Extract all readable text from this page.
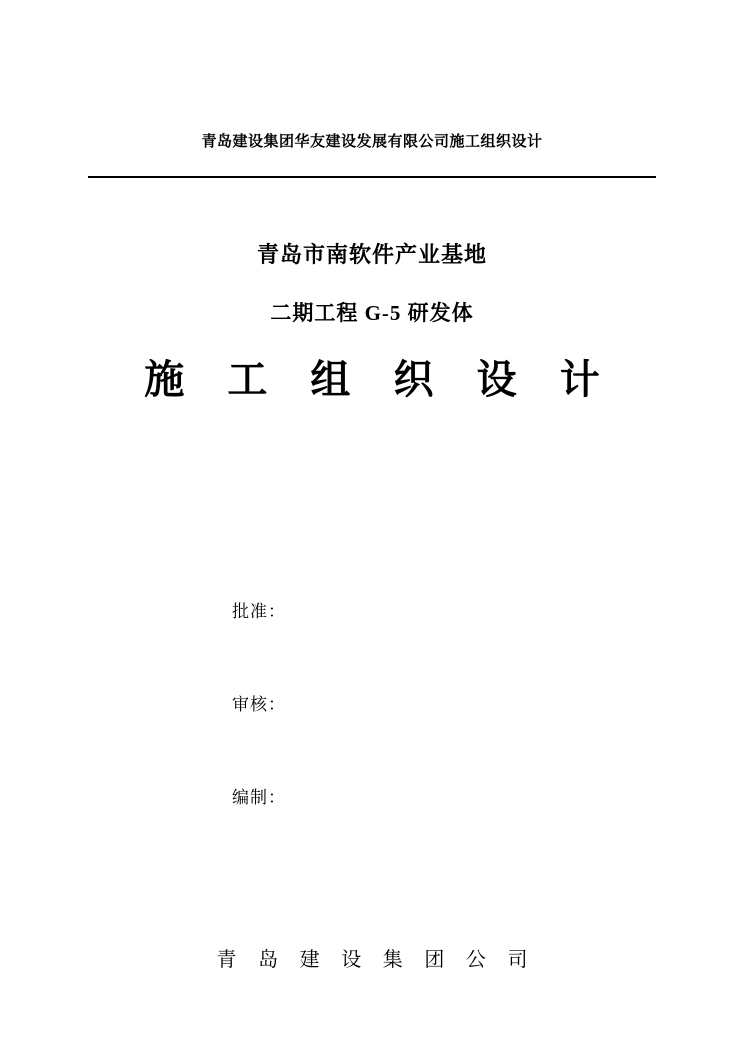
青岛建设集团华友建设发展有限公司施工组织设计
青岛市南软件产业基地
二期工程 G-5 研发体
施 工 组 织 设 计
批准：
审核：
编制：
青 岛 建 设 集 团 公 司
